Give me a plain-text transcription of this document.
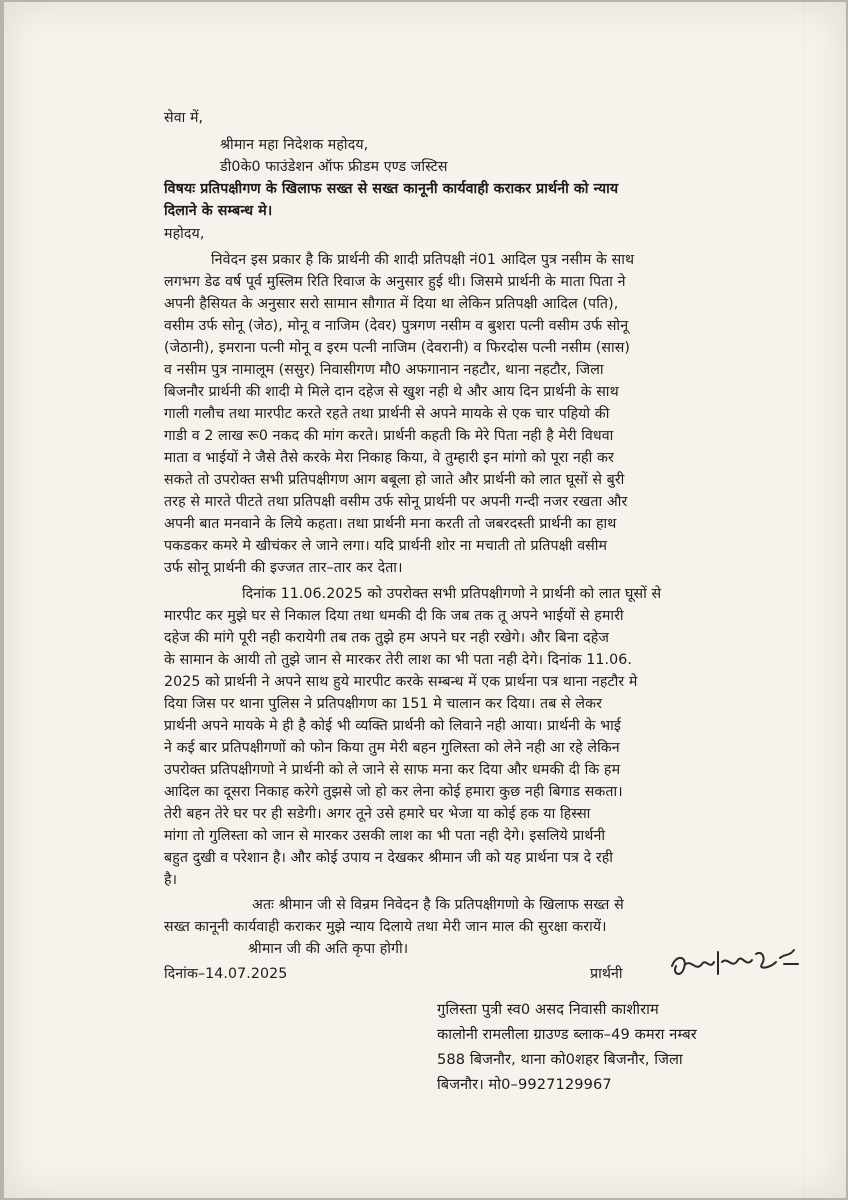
सेवा में,
श्रीमान महा निदेशक महोदय,
डी0के0 फाउंडेशन ऑफ फ्रीडम एण्ड जस्टिस
विषयः प्रतिपक्षीगण के खिलाफ सख्त से सख्त कानूनी कार्यवाही कराकर प्रार्थनी को न्याय
दिलाने के सम्बन्ध मे।
महोदय,
निवेदन इस प्रकार है कि प्रार्थनी की शादी प्रतिपक्षी नं01 आदिल पुत्र नसीम के साथ
लगभग डेढ वर्ष पूर्व मुस्लिम रिति रिवाज के अनुसार हुई थी। जिसमे प्रार्थनी के माता पिता ने
अपनी हैसियत के अनुसार सरो सामान सौगात में दिया था लेकिन प्रतिपक्षी आदिल (पति),
वसीम उर्फ सोनू (जेठ), मोनू व नाजिम (देवर) पुत्रगण नसीम व बुशरा पत्नी वसीम उर्फ सोनू
(जेठानी), इमराना पत्नी मोनू व इरम पत्नी नाजिम (देवरानी) व फिरदोस पत्नी नसीम (सास)
व नसीम पुत्र नामालूम (ससुर) निवासीगण मौ0 अफगानान नहटौर, थाना नहटौर, जिला
बिजनौर प्रार्थनी की शादी मे मिले दान दहेज से खुश नही थे और आय दिन प्रार्थनी के साथ
गाली गलौच तथा मारपीट करते रहते तथा प्रार्थनी से अपने मायके से एक चार पहियो की
गाडी व 2 लाख रू0 नकद की मांग करते। प्रार्थनी कहती कि मेरे पिता नही है मेरी विधवा
माता व भाईयों ने जैसे तैसे करके मेरा निकाह किया, वे तुम्हारी इन मांगो को पूरा नही कर
सकते तो उपरोक्त सभी प्रतिपक्षीगण आग बबूला हो जाते और प्रार्थनी को लात घूसों से बुरी
तरह से मारते पीटते तथा प्रतिपक्षी वसीम उर्फ सोनू प्रार्थनी पर अपनी गन्दी नजर रखता और
अपनी बात मनवाने के लिये कहता। तथा प्रार्थनी मना करती तो जबरदस्ती प्रार्थनी का हाथ
पकडकर कमरे मे खीचंकर ले जाने लगा। यदि प्रार्थनी शोर ना मचाती तो प्रतिपक्षी वसीम
उर्फ सोनू प्रार्थनी की इज्जत तार–तार कर देता।
दिनांक 11.06.2025 को उपरोक्त सभी प्रतिपक्षीगणो ने प्रार्थनी को लात घूसों से
मारपीट कर मुझे घर से निकाल दिया तथा धमकी दी कि जब तक तू अपने भाईयों से हमारी
दहेज की मांगे पूरी नही करायेगी तब तक तुझे हम अपने घर नही रखेगे। और बिना दहेज
के सामान के आयी तो तुझे जान से मारकर तेरी लाश का भी पता नही देगे। दिनांक 11.06.
2025 को प्रार्थनी ने अपने साथ हुये मारपीट करके सम्बन्ध में एक प्रार्थना पत्र थाना नहटौर मे
दिया जिस पर थाना पुलिस ने प्रतिपक्षीगण का 151 मे चालान कर दिया। तब से लेकर
प्रार्थनी अपने मायके मे ही है कोई भी व्यक्ति प्रार्थनी को लिवाने नही आया। प्रार्थनी के भाई
ने कई बार प्रतिपक्षीगणों को फोन किया तुम मेरी बहन गुलिस्ता को लेने नही आ रहे लेकिन
उपरोक्त प्रतिपक्षीगणो ने प्रार्थनी को ले जाने से साफ मना कर दिया और धमकी दी कि हम
आदिल का दूसरा निकाह करेगे तुझसे जो हो कर लेना कोई हमारा कुछ नही बिगाड सकता।
तेरी बहन तेरे घर पर ही सडेगी। अगर तूने उसे हमारे घर भेजा या कोई हक या हिस्सा
मांगा तो गुलिस्ता को जान से मारकर उसकी लाश का भी पता नही देगे। इसलिये प्रार्थनी
बहुत दुखी व परेशान है। और कोई उपाय न देखकर श्रीमान जी को यह प्रार्थना पत्र दे रही
है।
अतः श्रीमान जी से विन्रम निवेदन है कि प्रतिपक्षीगणो के खिलाफ सख्त से
सख्त कानूनी कार्यवाही कराकर मुझे न्याय दिलाये तथा मेरी जान माल की सुरक्षा करायें।
श्रीमान जी की अति कृपा होगी।
दिनांक–14.07.2025	प्रार्थनी
गुलिस्ता पुत्री स्व0 असद निवासी काशीराम
कालोनी रामलीला ग्राउण्ड ब्लाक–49 कमरा नम्बर
588 बिजनौर, थाना को0शहर बिजनौर, जिला
बिजनौर। मो0–9927129967
